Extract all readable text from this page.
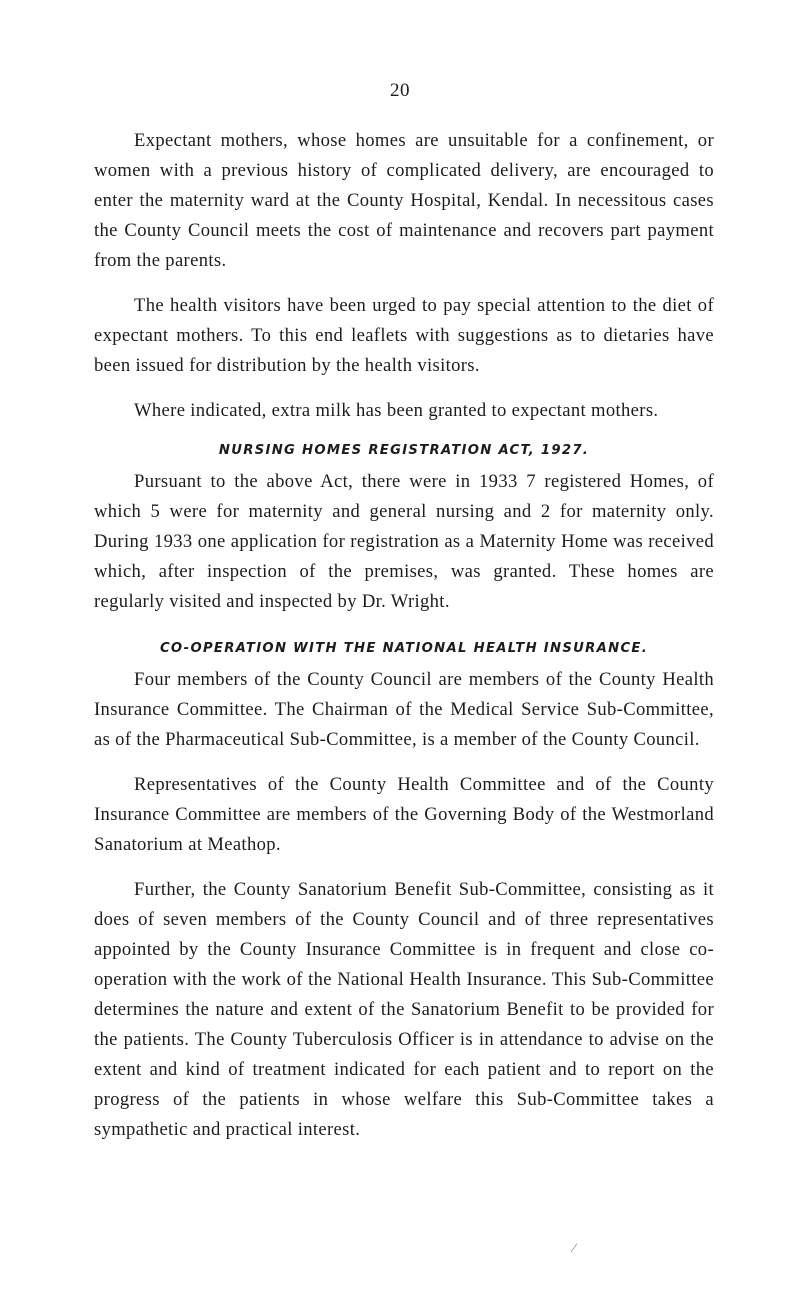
20

Expectant mothers, whose homes are unsuitable for a confinement, or women with a previous history of complicated delivery, are encouraged to enter the maternity ward at the County Hospital, Kendal. In necessitous cases the County Council meets the cost of maintenance and recovers part payment from the parents.

The health visitors have been urged to pay special attention to the diet of expectant mothers. To this end leaflets with suggestions as to dietaries have been issued for distribution by the health visitors.

Where indicated, extra milk has been granted to expectant mothers.

NURSING HOMES REGISTRATION ACT, 1927.

Pursuant to the above Act, there were in 1933 7 registered Homes, of which 5 were for maternity and general nursing and 2 for maternity only. During 1933 one application for registration as a Maternity Home was received which, after inspection of the premises, was granted. These homes are regularly visited and inspected by Dr. Wright.

CO-OPERATION WITH THE NATIONAL HEALTH INSURANCE.

Four members of the County Council are members of the County Health Insurance Committee. The Chairman of the Medical Service Sub-Committee, as of the Pharmaceutical Sub-Committee, is a member of the County Council.

Representatives of the County Health Committee and of the County Insurance Committee are members of the Governing Body of the Westmorland Sanatorium at Meathop.

Further, the County Sanatorium Benefit Sub-Committee, consisting as it does of seven members of the County Council and of three representatives appointed by the County Insurance Committee is in frequent and close co-operation with the work of the National Health Insurance. This Sub-Committee determines the nature and extent of the Sanatorium Benefit to be provided for the patients. The County Tuberculosis Officer is in attendance to advise on the extent and kind of treatment indicated for each patient and to report on the progress of the patients in whose welfare this Sub-Committee takes a sympathetic and practical interest.

⁄
